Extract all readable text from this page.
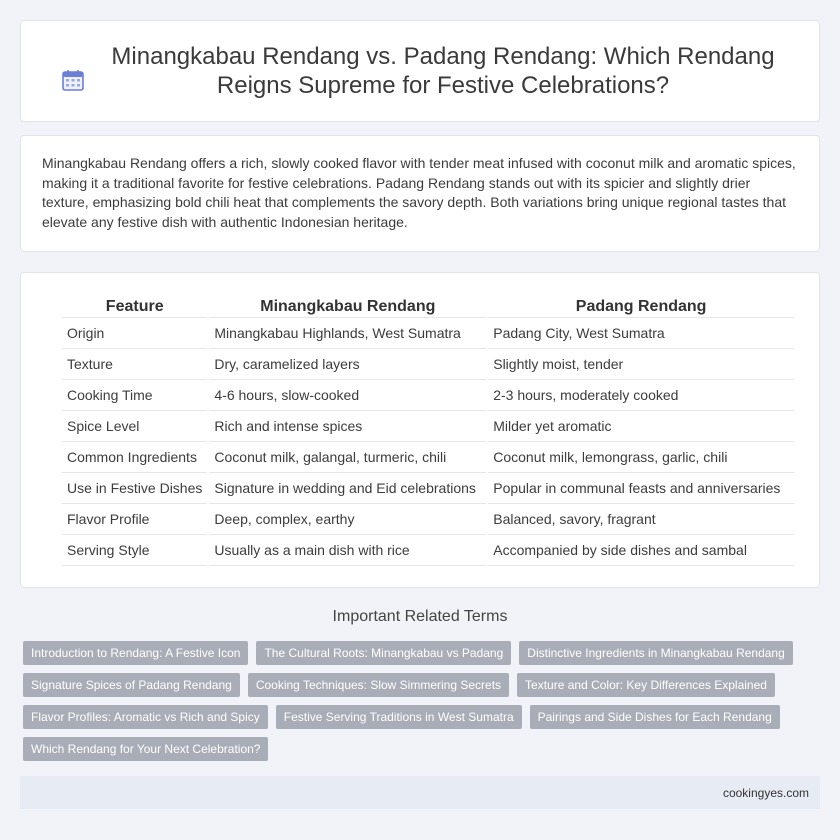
Minangkabau Rendang vs. Padang Rendang: Which Rendang Reigns Supreme for Festive Celebrations?

Minangkabau Rendang offers a rich, slowly cooked flavor with tender meat infused with coconut milk and aromatic spices, making it a traditional favorite for festive celebrations. Padang Rendang stands out with its spicier and slightly drier texture, emphasizing bold chili heat that complements the savory depth. Both variations bring unique regional tastes that elevate any festive dish with authentic Indonesian heritage.

Feature	Minangkabau Rendang	Padang Rendang
Origin	Minangkabau Highlands, West Sumatra	Padang City, West Sumatra
Texture	Dry, caramelized layers	Slightly moist, tender
Cooking Time	4-6 hours, slow-cooked	2-3 hours, moderately cooked
Spice Level	Rich and intense spices	Milder yet aromatic
Common Ingredients	Coconut milk, galangal, turmeric, chili	Coconut milk, lemongrass, garlic, chili
Use in Festive Dishes	Signature in wedding and Eid celebrations	Popular in communal feasts and anniversaries
Flavor Profile	Deep, complex, earthy	Balanced, savory, fragrant
Serving Style	Usually as a main dish with rice	Accompanied by side dishes and sambal
Important Related Terms
Introduction to Rendang: A Festive Icon	The Cultural Roots: Minangkabau vs Padang	Distinctive Ingredients in Minangkabau Rendang
Signature Spices of Padang Rendang	Cooking Techniques: Slow Simmering Secrets	Texture and Color: Key Differences Explained
Flavor Profiles: Aromatic vs Rich and Spicy	Festive Serving Traditions in West Sumatra	Pairings and Side Dishes for Each Rendang
Which Rendang for Your Next Celebration?
cookingyes.com
